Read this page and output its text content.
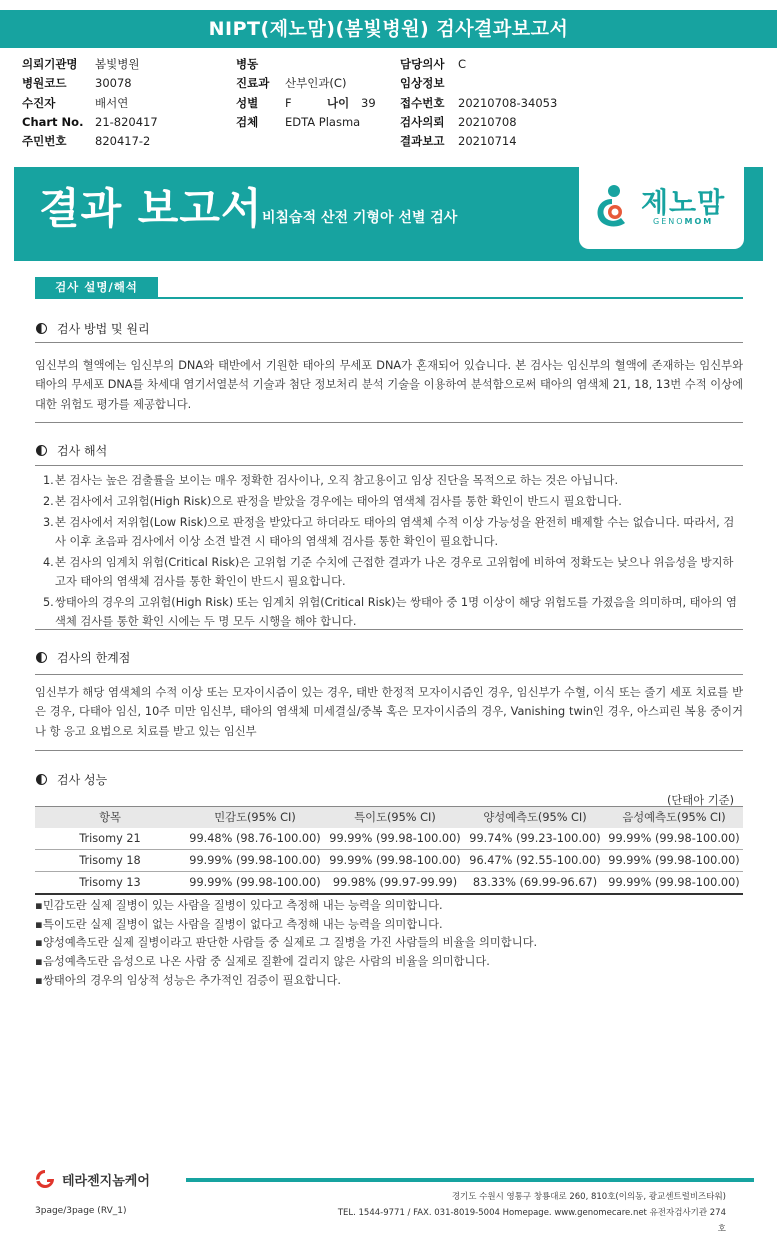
NIPT(제노맘)(봄빛병원) 검사결과보고서
의뢰기관명	봄빛병원
병원코드	30078
수진자	배서연
Chart No.	21-820417
주민번호	820417-2
병동
진료과	산부인과(C)
성별	F	나이	39
검체	EDTA Plasma
담당의사	C
임상정보
접수번호	20210708-34053
검사의뢰	20210708
결과보고	20210714
결과 보고서 비침습적 산전 기형아 선별 검사	제노맘
GENOMOM
검사 설명/해석
검사 방법 및 원리
임신부의 혈액에는 임신부의 DNA와 태반에서 기원한 태아의 무세포 DNA가 혼재되어 있습니다. 본 검사는 임신부의 혈액에 존재하는 임신부와 태아의 무세포 DNA를 차세대 염기서열분석 기술과 첨단 정보처리 분석 기술을 이용하여 분석함으로써 태아의 염색체 21, 18, 13번 수적 이상에 대한 위험도 평가를 제공합니다.
검사 해석
1. 본 검사는 높은 검출률을 보이는 매우 정확한 검사이나, 오직 참고용이고 임상 진단을 목적으로 하는 것은 아닙니다.
2. 본 검사에서 고위험(High Risk)으로 판정을 받았을 경우에는 태아의 염색체 검사를 통한 확인이 반드시 필요합니다.
3. 본 검사에서 저위험(Low Risk)으로 판정을 받았다고 하더라도 태아의 염색체 수적 이상 가능성을 완전히 배제할 수는 없습니다. 따라서, 검사 이후 초음파 검사에서 이상 소견 발견 시 태아의 염색체 검사를 통한 확인이 필요합니다.
4. 본 검사의 임계치 위험(Critical Risk)은 고위험 기준 수치에 근접한 결과가 나온 경우로 고위험에 비하여 정확도는 낮으나 위음성을 방지하고자 태아의 염색체 검사를 통한 확인이 반드시 필요합니다.
5. 쌍태아의 경우의 고위험(High Risk) 또는 임계치 위험(Critical Risk)는 쌍태아 중 1명 이상이 해당 위험도를 가졌음을 의미하며, 태아의 염색체 검사를 통한 확인 시에는 두 명 모두 시행을 해야 합니다.
검사의 한계점
임신부가 해당 염색체의 수적 이상 또는 모자이시즘이 있는 경우, 태반 한정적 모자이시즘인 경우, 임신부가 수혈, 이식 또는 줄기 세포 치료를 받은 경우, 다태아 임신, 10주 미만 임신부, 태아의 염색체 미세결실/중복 혹은 모자이시즘의 경우, Vanishing twin인 경우, 아스피린 복용 중이거나 항 응고 요법으로 치료를 받고 있는 임신부
검사 성능
(단태아 기준)
항목	민감도(95% CI)	특이도(95% CI)	양성예측도(95% CI)	음성예측도(95% CI)
Trisomy 21	99.48% (98.76-100.00)	99.99% (99.98-100.00)	99.74% (99.23-100.00)	99.99% (99.98-100.00)
Trisomy 18	99.99% (99.98-100.00)	99.99% (99.98-100.00)	96.47% (92.55-100.00)	99.99% (99.98-100.00)
Trisomy 13	99.99% (99.98-100.00)	99.98% (99.97-99.99)	83.33% (69.99-96.67)	99.99% (99.98-100.00)
▪ 민감도란 실제 질병이 있는 사람을 질병이 있다고 측정해 내는 능력을 의미합니다.
▪ 특이도란 실제 질병이 없는 사람을 질병이 없다고 측정해 내는 능력을 의미합니다.
▪ 양성예측도란 실제 질병이라고 판단한 사람들 중 실제로 그 질병을 가진 사람들의 비율을 의미합니다.
▪ 음성예측도란 음성으로 나온 사람 중 실제로 질환에 걸리지 않은 사람의 비율을 의미합니다.
▪ 쌍태아의 경우의 임상적 성능은 추가적인 검증이 필요합니다.
테라젠지놈케어
경기도 수원시 영통구 창룡대로 260, 810호(이의동, 광교센트럴비즈타워)
TEL. 1544-9771 / FAX. 031-8019-5004 Homepage. www.genomecare.net 유전자검사기관 274호
3page/3page (RV_1)
